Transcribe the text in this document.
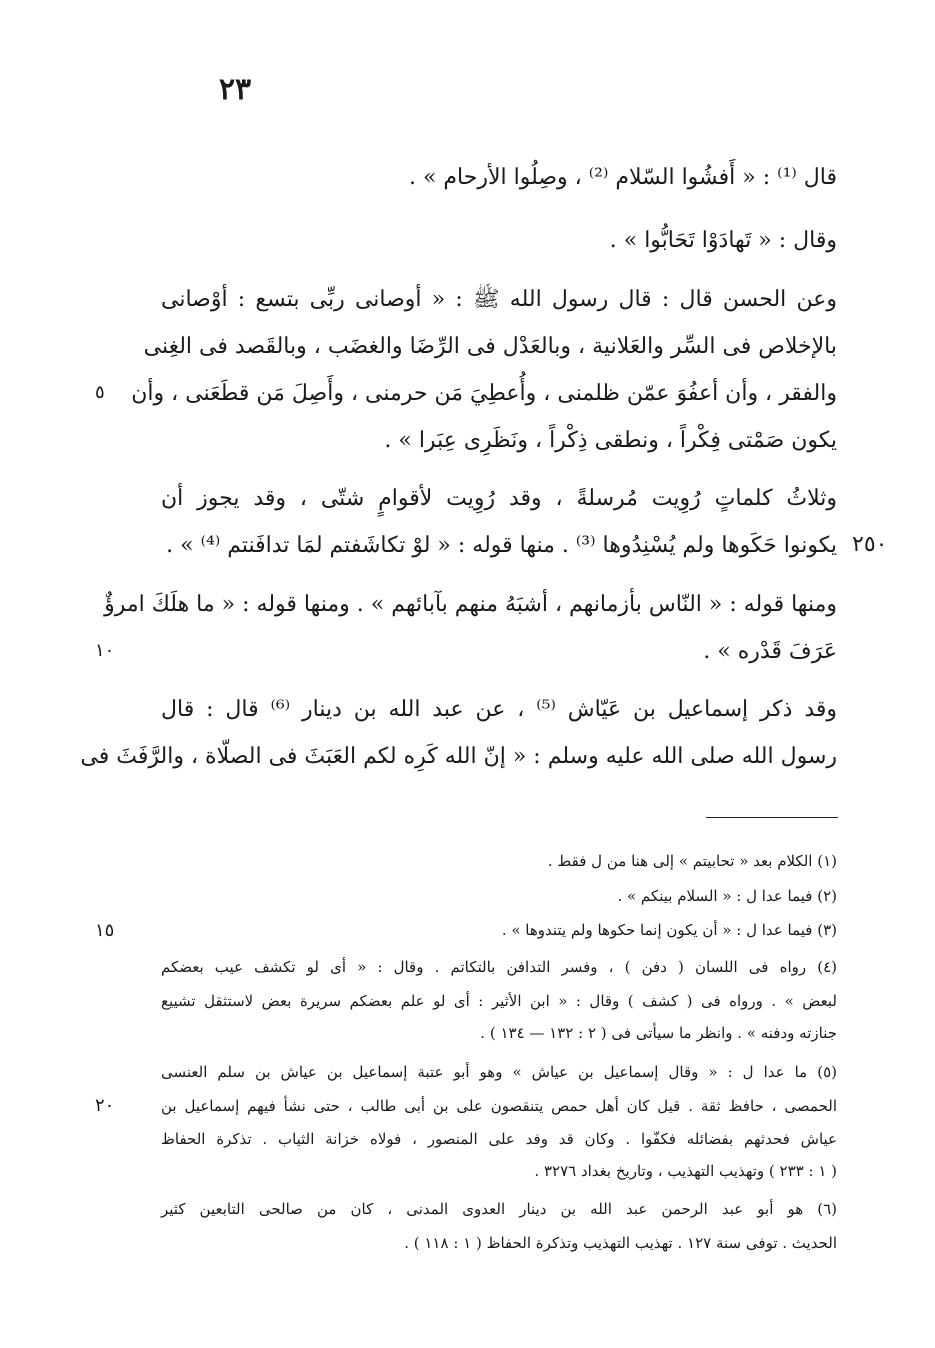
٢٣
قال ⁽¹⁾ : « أَفشُوا السّلام ⁽²⁾ ، وصِلُوا الأرحام » .
وقال : « تَهادَوْا تَحَابُّوا » .
وعن الحسن قال : قال رسول الله ﷺ : « أوصانى ربِّى بتسع : أوْصانى
بالإخلاص فى السِّر والعَلانية ، وبالعَدْل فى الرِّضَا والغضَب ، وبالقَصد فى الغِنى
والفقر ، وأن أعفُوَ عمّن ظلمنى ، وأُعطِيَ مَن حرمنى ، وأَصِلَ مَن قطَعَنى ، وأن
يكون صَمْتى فِكْراً ، ونطقى ذِكْراً ، ونَظَرِى عِبَرا » .
وثلاثُ كلماتٍ رُوِيت مُرسلةً ، وقد رُوِيت لأقوامٍ شتّى ، وقد يجوز أن
يكونوا حَكَوها ولم يُسْنِدُوها ⁽³⁾ . منها قوله : « لوْ تكاشَفتم لمَا تدافَنتم ⁽⁴⁾ » .
ومنها قوله : « النّاس بأزمانهم ، أشبَهُ منهم بآبائهم » . ومنها قوله : « ما هلَكَ امرؤٌ
عَرَفَ قَدْره » .
وقد ذكر إسماعيل بن عَيّاش ⁽⁵⁾ ، عن عبد الله بن دينار ⁽⁶⁾ قال : قال
رسول الله صلى الله عليه وسلم : « إنّ الله كَرِه لكم العَبَثَ فى الصلّاة ، والرَّفَثَ فى
٥
٢٥٠
١٠
١٥
٢٠
(١) الكلام بعد « تحابيتم » إلى هنا من ل فقط .
(٢) فيما عدا ل : « السلام بينكم » .
(٣) فيما عدا ل : « أن يكون إنما حكوها ولم يتندوها » .
(٤) رواه فى اللسان ( دفن ) ، وفسر التدافن بالتكاتم . وقال : « أى لو تكشف عيب بعضكم
لبعض » . ورواه فى ( كشف ) وقال : « ابن الأثير : أى لو علم بعضكم سريرة بعض لاستثقل تشييع
جنازته ودفنه » . وانظر ما سيأتى فى ( ٢ : ١٣٢ — ١٣٤ ) .
(٥) ما عدا ل : « وقال إسماعيل بن عياش » وهو أبو عتبة إسماعيل بن عياش بن سلم العنسى
الحمصى ، حافظ ثقة . قيل كان أهل حمص يتنقصون على بن أبى طالب ، حتى نشأ فيهم إسماعيل بن
عياش فحدثهم بفضائله فكفّوا . وكان قد وفد على المنصور ، فولاه خزانة الثياب . تذكرة الحفاظ
( ١ : ٢٣٣ ) وتهذيب التهذيب ، وتاريخ بغداد ٣٢٧٦ .
(٦) هو أبو عبد الرحمن عبد الله بن دينار العدوى المدنى ، كان من صالحى التابعين كثير
الحديث . توفى سنة ١٢٧ . تهذيب التهذيب وتذكرة الحفاظ ( ١ : ١١٨ ) .
